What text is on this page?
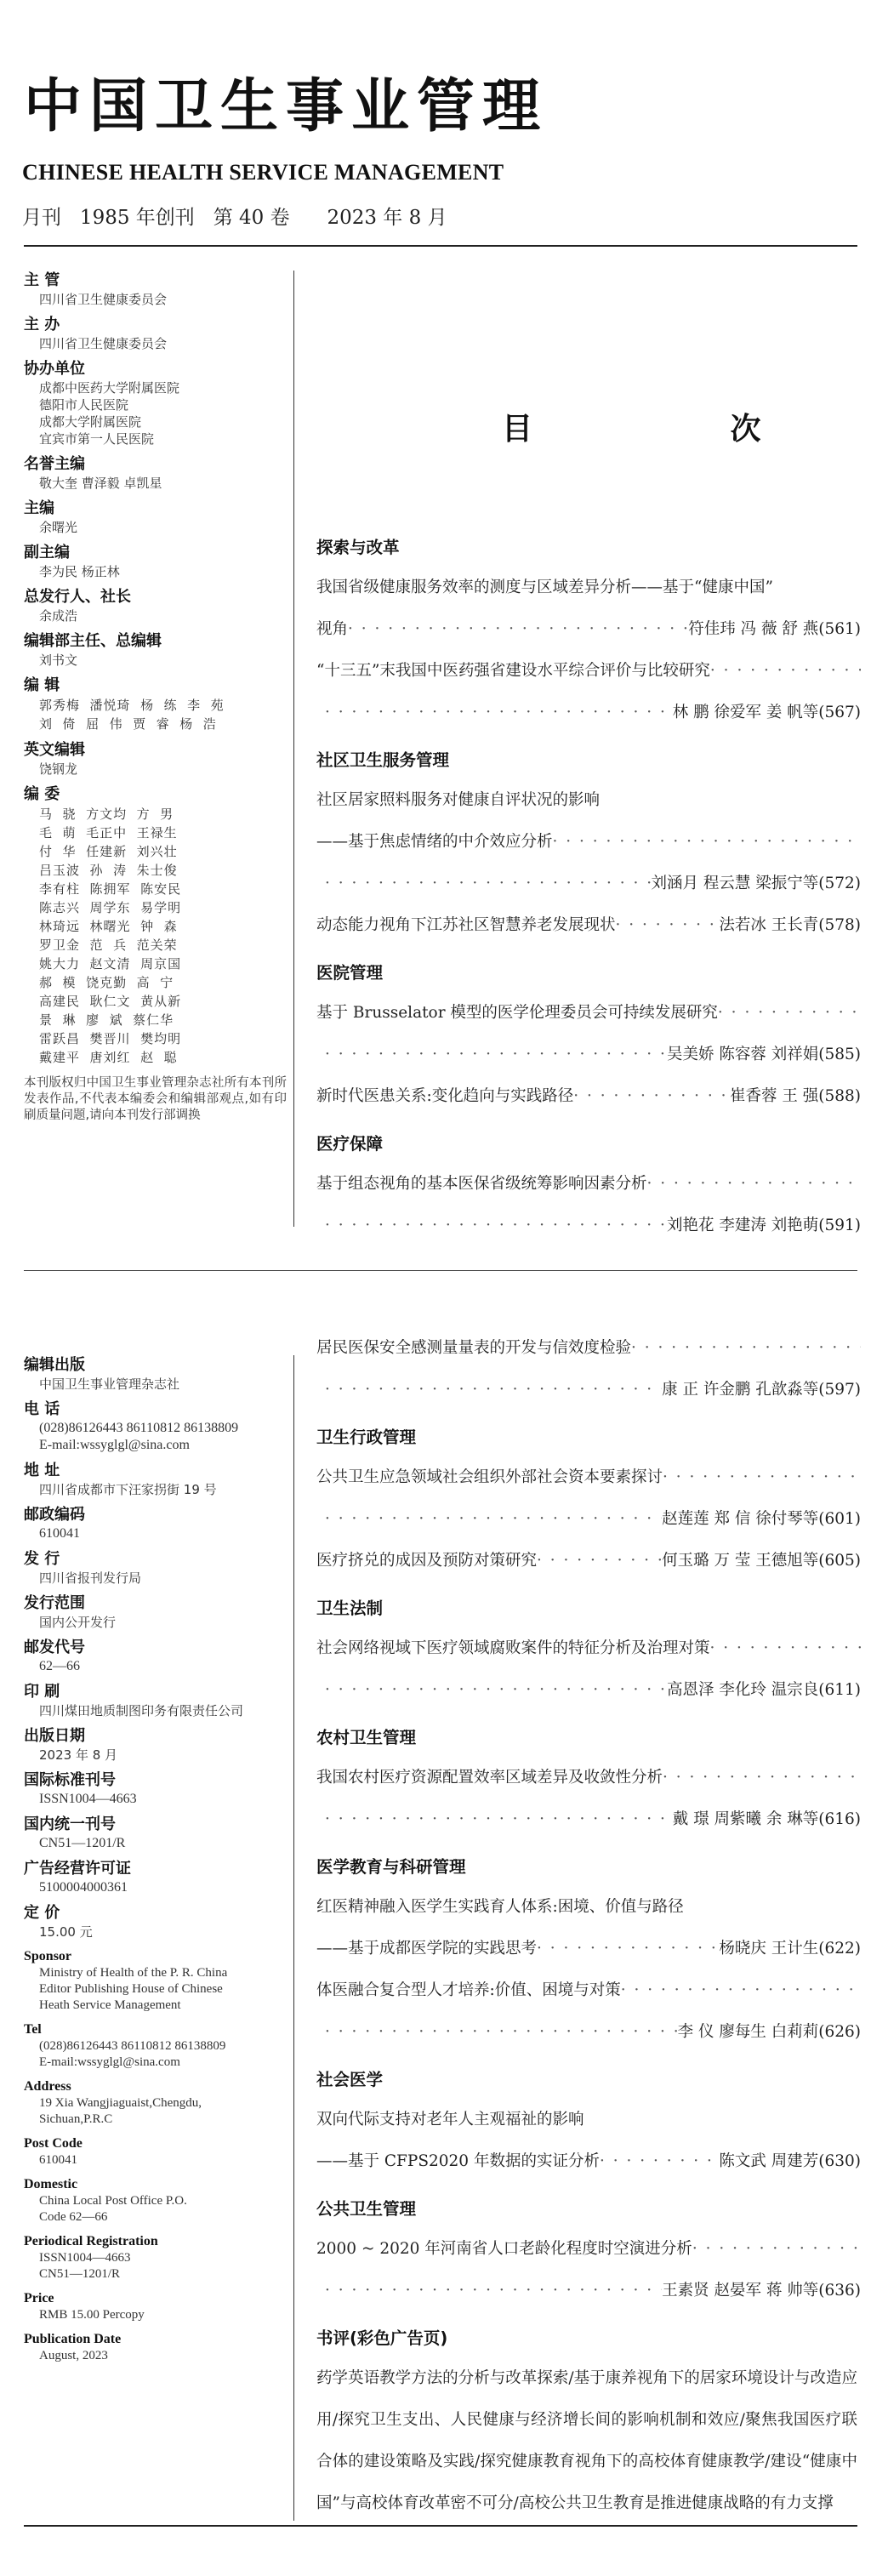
中国卫生事业管理
CHINESE HEALTH SERVICE MANAGEMENT
月刊   1985 年创刊   第 40 卷      2023 年 8 月
主 管
四川省卫生健康委员会
主 办
四川省卫生健康委员会
协办单位
成都中医药大学附属医院
德阳市人民医院
成都大学附属医院
宜宾市第一人民医院
名誉主编
敬大奎 曹泽毅 卓凯星
主编
余曙光
副主编
李为民 杨正林
总发行人、社长
余成浩
编辑部主任、总编辑
刘书文
编 辑
郭秀梅  潘悦琦  杨  练  李  苑
刘  倚  屈  伟  贾  睿  杨  浩
英文编辑
饶钢龙
编 委
马  骁  方文均  方  男
毛  萌  毛正中  王禄生
付  华  任建新  刘兴壮
吕玉波  孙  涛  朱士俊
李有柱  陈拥军  陈安民
陈志兴  周学东  易学明
林琦远  林曙光  钟  森
罗卫金  范  兵  范关荣
姚大力  赵文清  周京国
郝  模  饶克勤  高  宁
高建民  耿仁文  黄从新
景  琳  廖  斌  蔡仁华
雷跃昌  樊晋川  樊均明
戴建平  唐刘红  赵  聪
本刊版权归中国卫生事业管理杂志社所有本刊所发表作品,不代表本编委会和编辑部观点,如有印刷质量问题,请向本刊发行部调换
目 次
探索与改革
我国省级健康服务效率的测度与区域差异分析——基于“健康中国”
视角 · · ·	符佳玮 冯 薇 舒 燕(561)
“十三五”末我国中医药强省建设水平综合评价与比较研究
· · ·
· · ·
林 鹏 徐爱军 姜 帆等(567)
社区卫生服务管理
社区居家照料服务对健康自评状况的影响
——基于焦虑情绪的中介效应分析
· · ·
· · ·
刘涵月 程云慧 梁振宁等(572)
动态能力视角下江苏社区智慧养老发展现状 · · ·	法若冰 王长青(578)
医院管理
基于 Brusselator 模型的医学伦理委员会可持续发展研究
· · ·
· · ·
吴美娇 陈容蓉 刘祥娟(585)
新时代医患关系:变化趋向与实践路径 · · ·	崔香蓉 王 强(588)
医疗保障
基于组态视角的基本医保省级统筹影响因素分析
· · ·
· · ·
刘艳花 李建涛 刘艳萌(591)
编辑出版
中国卫生事业管理杂志社
电 话
(028)86126443 86110812 86138809
E-mail:wssyglgl@sina.com
地 址
四川省成都市下汪家拐街 19 号
邮政编码
610041
发 行
四川省报刊发行局
发行范围
国内公开发行
邮发代号
62—66
印 刷
四川煤田地质制图印务有限责任公司
出版日期
2023 年 8 月
国际标准刊号
ISSN1004—4663
国内统一刊号
CN51—1201/R
广告经营许可证
5100004000361
定 价
15.00 元
Sponsor
Ministry of Health of the P. R. China
Editor Publishing House of Chinese
Heath Service Management
Tel
(028)86126443 86110812 86138809
E-mail:wssyglgl@sina.com
Address
19 Xia Wangjiaguaist,Chengdu,
Sichuan,P.R.C
Post Code
610041
Domestic
China Local Post Office P.O.
Code 62—66
Periodical Registration
ISSN1004—4663
CN51—1201/R
Price
RMB 15.00 Percopy
Publication Date
August, 2023
居民医保安全感测量量表的开发与信效度检验
· · ·
· · ·
康 正 许金鹏 孔歆淼等(597)
卫生行政管理
公共卫生应急领域社会组织外部社会资本要素探讨
· · ·
· · ·
赵莲莲 郑 信 徐付琴等(601)
医疗挤兑的成因及预防对策研究 · · ·	何玉璐 万 莹 王德旭等(605)
卫生法制
社会网络视域下医疗领域腐败案件的特征分析及治理对策
· · ·
· · ·
高恩泽 李化玲 温宗良(611)
农村卫生管理
我国农村医疗资源配置效率区域差异及收敛性分析
· · ·
· · ·
戴 璟 周紫曦 余 琳等(616)
医学教育与科研管理
红医精神融入医学生实践育人体系:困境、价值与路径
——基于成都医学院的实践思考 · · ·	杨晓庆 王计生(622)
体医融合复合型人才培养:价值、困境与对策
· · ·
· · ·
李 仪 廖每生 白莉莉(626)
社会医学
双向代际支持对老年人主观福祉的影响
——基于 CFPS2020 年数据的实证分析 · · ·	陈文武 周建芳(630)
公共卫生管理
2000 ~ 2020 年河南省人口老龄化程度时空演进分析
· · ·
· · ·
王素贤 赵晏军 蒋 帅等(636)
书评(彩色广告页)
药学英语教学方法的分析与改革探索/基于康养视角下的居家环境设计与改造应用/探究卫生支出、人民健康与经济增长间的影响机制和效应/聚焦我国医疗联合体的建设策略及实践/探究健康教育视角下的高校体育健康教学/建设“健康中国”与高校体育改革密不可分/高校公共卫生教育是推进健康战略的有力支撑
